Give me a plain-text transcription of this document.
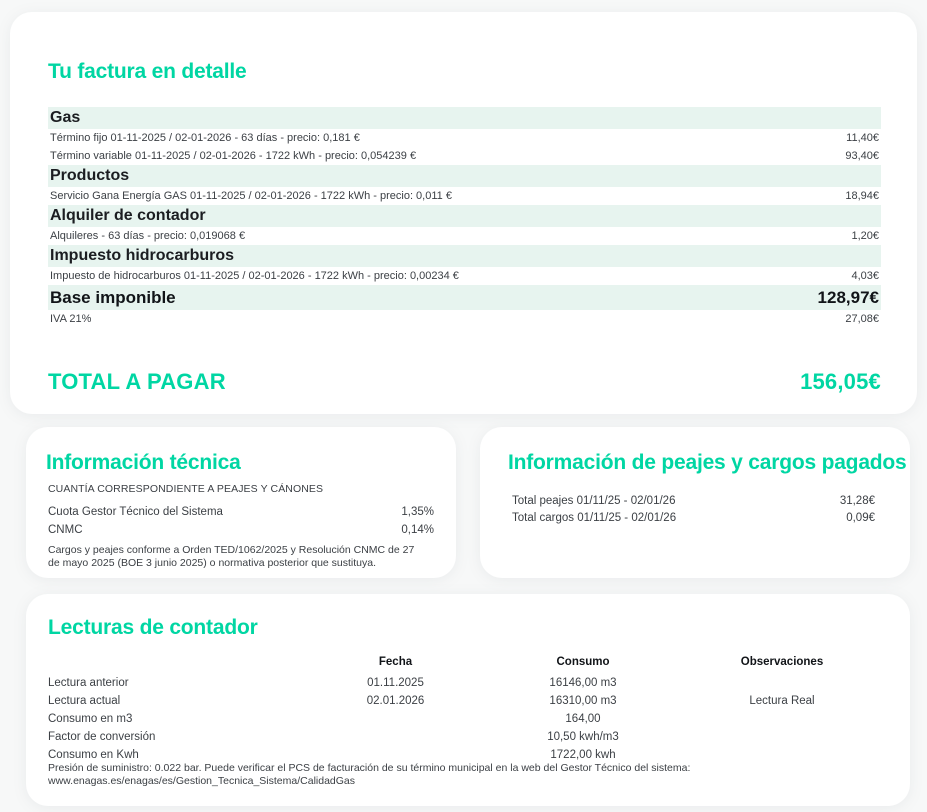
Tu factura en detalle
Gas	
Término fijo 01-11-2025 / 02-01-2026 - 63 días - precio: 0,181 €	11,40€
Término variable 01-11-2025 / 02-01-2026 - 1722 kWh - precio: 0,054239 €	93,40€
Productos	
Servicio Gana Energía GAS 01-11-2025 / 02-01-2026 - 1722 kWh - precio: 0,011 €	18,94€
Alquiler de contador	
Alquileres - 63 días - precio: 0,019068 €	1,20€
Impuesto hidrocarburos	
Impuesto de hidrocarburos 01-11-2025 / 02-01-2026 - 1722 kWh - precio: 0,00234 €	4,03€
Base imponible	128,97€
IVA 21%	27,08€
TOTAL A PAGAR	156,05€
Información técnica
CUANTÍA CORRESPONDIENTE A PEAJES Y CÁNONES
Cuota Gestor Técnico del Sistema	1,35%
CNMC	0,14%
Cargos y peajes conforme a Orden TED/1062/2025 y Resolución CNMC de 27 de mayo 2025 (BOE 3 junio 2025) o normativa posterior que sustituya.
Información de peajes y cargos pagados
Total peajes 01/11/25 - 02/01/26	31,28€
Total cargos 01/11/25 - 02/01/26	0,09€
Lecturas de contador
	Fecha	Consumo	Observaciones
Lectura anterior	01.11.2025	16146,00 m3	
Lectura actual	02.01.2026	16310,00 m3	Lectura Real
Consumo en m3		164,00	
Factor de conversión		10,50 kwh/m3	
Consumo en Kwh		1722,00 kwh	
Presión de suministro: 0.022 bar. Puede verificar el PCS de facturación de su término municipal en la web del Gestor Técnico del sistema: www.enagas.es/enagas/es/Gestion_Tecnica_Sistema/CalidadGas
